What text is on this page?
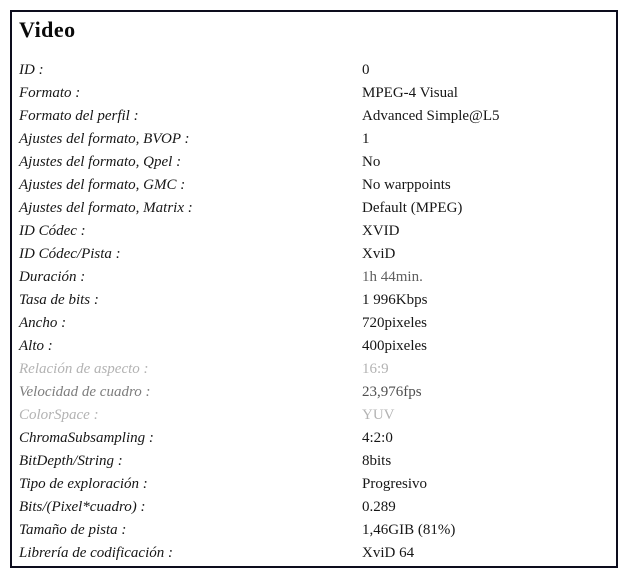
Video
ID :	0
Formato :	MPEG-4 Visual
Formato del perfil :	Advanced Simple@L5
Ajustes del formato, BVOP :	1
Ajustes del formato, Qpel :	No
Ajustes del formato, GMC :	No warppoints
Ajustes del formato, Matrix :	Default (MPEG)
ID Códec :	XVID
ID Códec/Pista :	XviD
Duración :	1h 44min.
Tasa de bits :	1 996Kbps
Ancho :	720pixeles
Alto :	400pixeles
Relación de aspecto :	16:9
Velocidad de cuadro :	23,976fps
ColorSpace :	YUV
ChromaSubsampling :	4:2:0
BitDepth/String :	8bits
Tipo de exploración :	Progresivo
Bits/(Pixel*cuadro) :	0.289
Tamaño de pista :	1,46GIB (81%)
Librería de codificación :	XviD 64
